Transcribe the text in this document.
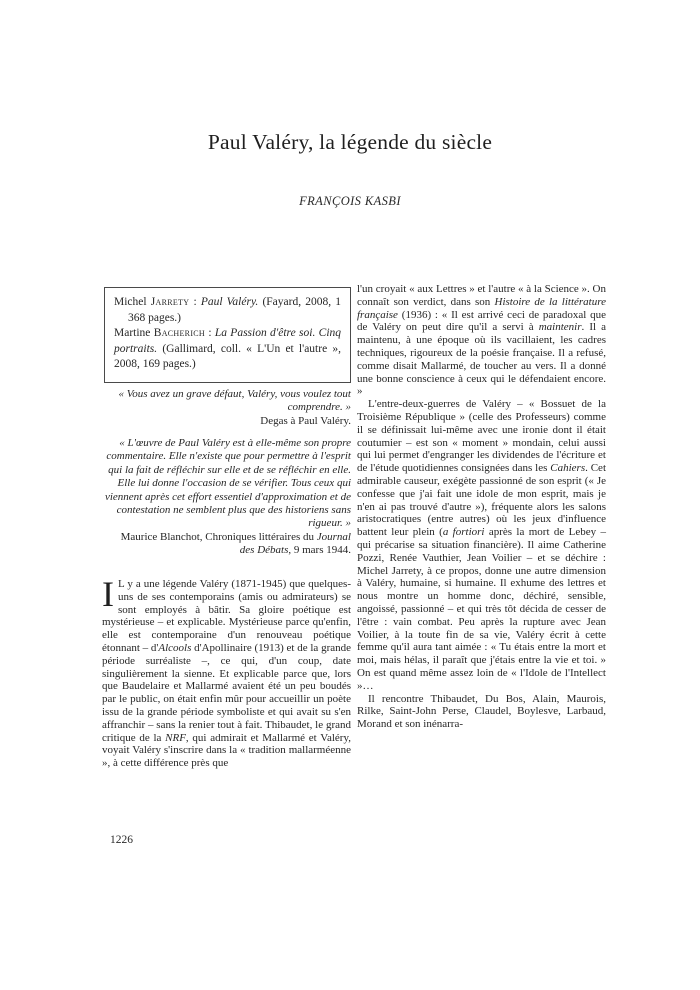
Paul Valéry, la légende du siècle
FRANÇOIS KASBI

Michel Jarrety : Paul Valéry. (Fayard, 2008, 1 368 pages.)

Martine Bacherich : La Passion d'être soi. Cinq portraits. (Gallimard, coll. « L'Un et l'autre », 2008, 169 pages.)

« Vous avez un grave défaut, Valéry, vous voulez tout comprendre. »

Degas à Paul Valéry.

« L'œuvre de Paul Valéry est à elle-même son propre commentaire. Elle n'existe que pour permettre à l'esprit qui la fait de réfléchir sur elle et de se réfléchir en elle. Elle lui donne l'occasion de se vérifier. Tous ceux qui viennent après cet effort essentiel d'approximation et de contestation ne semblent plus que des historiens sans rigueur. »

Maurice Blanchot, Chroniques littéraires du Journal des Débats, 9 mars 1944.

I L y a une légende Valéry (1871-1945) que quelques-uns de ses contemporains (amis ou admirateurs) se sont employés à bâtir. Sa gloire poétique est mystérieuse – et explicable. Mystérieuse parce qu'enfin, elle est contemporaine d'un renouveau poétique étonnant – d'Alcools d'Apollinaire (1913) et de la grande période surréaliste –, ce qui, d'un coup, date singulièrement la sienne. Et explicable parce que, lors que Baudelaire et Mallarmé avaient été un peu boudés par le public, on était enfin mûr pour accueillir un poète issu de la grande période symboliste et qui avait su s'en affranchir – sans la renier tout à fait. Thibaudet, le grand critique de la NRF, qui admirait et Mallarmé et Valéry, voyait Valéry s'inscrire dans la « tradition mallarméenne », à cette différence près que

l'un croyait « aux Lettres » et l'autre « à la Science ». On connaît son verdict, dans son Histoire de la littérature française (1936) : « Il est arrivé ceci de paradoxal que de Valéry on peut dire qu'il a servi à maintenir. Il a maintenu, à une époque où ils vacillaient, les cadres techniques, rigoureux de la poésie française. Il a refusé, comme disait Mallarmé, de toucher au vers. Il a donné une bonne conscience à ceux qui le défendaient encore. »

L'entre-deux-guerres de Valéry – « Bossuet de la Troisième République » (celle des Professeurs) comme il se définissait lui-même avec une ironie dont il était coutumier – est son « moment » mondain, celui aussi qui lui permet d'engranger les dividendes de l'écriture et de l'étude quotidiennes consignées dans les Cahiers. Cet admirable causeur, exégète passionné de son esprit (« Je confesse que j'ai fait une idole de mon esprit, mais je n'en ai pas trouvé d'autre »), fréquente alors les salons aristocratiques (entre autres) où les jeux d'influence battent leur plein (a fortiori après la mort de Lebey – qui précarise sa situation financière). Il aime Catherine Pozzi, Renée Vauthier, Jean Voilier – et se déchire : Michel Jarrety, à ce propos, donne une autre dimension à Valéry, humaine, si humaine. Il exhume des lettres et nous montre un homme donc, déchiré, sensible, angoissé, passionné – et qui très tôt décida de cesser de l'être : vain combat. Peu après la rupture avec Jean Voilier, à la toute fin de sa vie, Valéry écrit à cette femme qu'il aura tant aimée : « Tu étais entre la mort et moi, mais hélas, il paraît que j'étais entre la vie et toi. » On est quand même assez loin de « l'Idole de l'Intellect »…

Il rencontre Thibaudet, Du Bos, Alain, Maurois, Rilke, Saint-John Perse, Claudel, Boylesve, Larbaud, Morand et son inénarra-

1226
